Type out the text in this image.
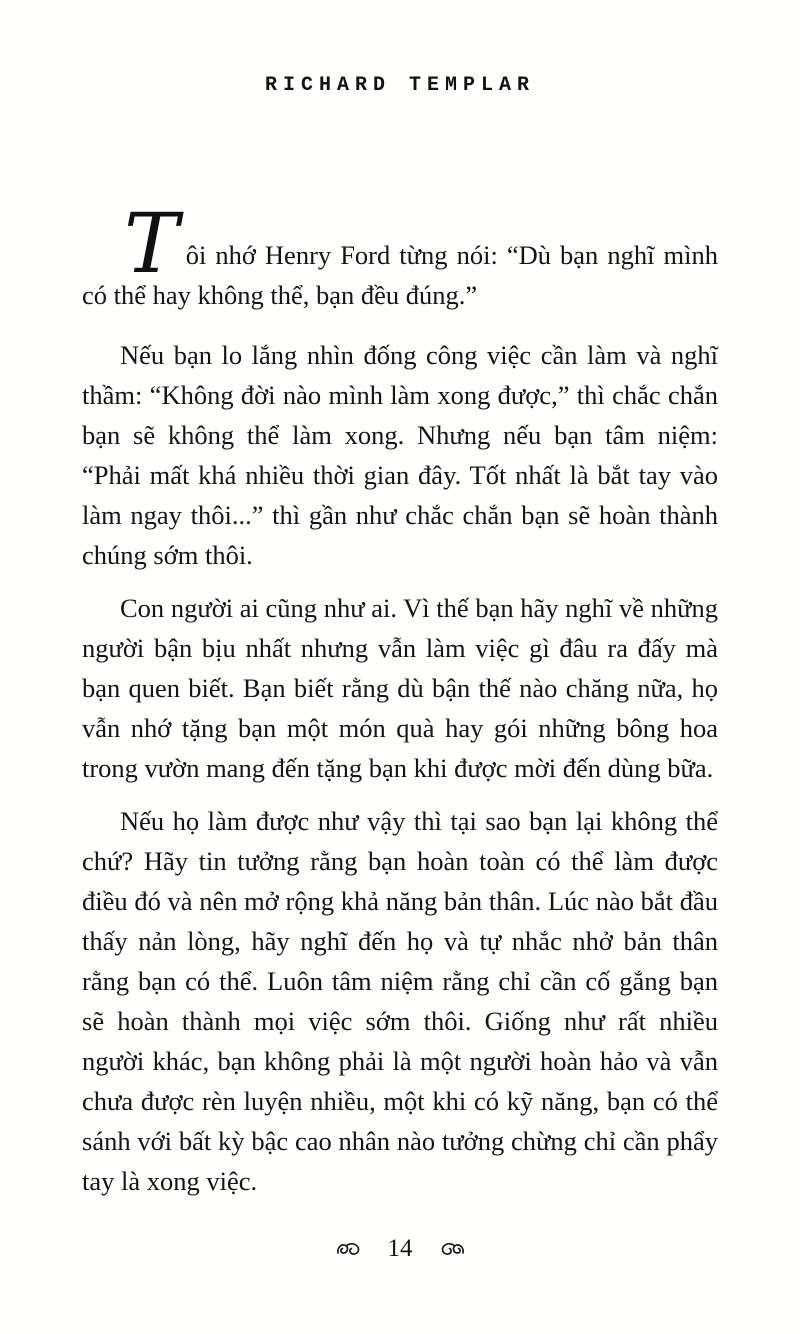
RICHARD TEMPLAR

Tôi nhớ Henry Ford từng nói: “Dù bạn nghĩ mình có thể hay không thể, bạn đều đúng.”

Nếu bạn lo lắng nhìn đống công việc cần làm và nghĩ thầm: “Không đời nào mình làm xong được,” thì chắc chắn bạn sẽ không thể làm xong. Nhưng nếu bạn tâm niệm: “Phải mất khá nhiều thời gian đây. Tốt nhất là bắt tay vào làm ngay thôi...” thì gần như chắc chắn bạn sẽ hoàn thành chúng sớm thôi.

Con người ai cũng như ai. Vì thế bạn hãy nghĩ về những người bận bịu nhất nhưng vẫn làm việc gì đâu ra đấy mà bạn quen biết. Bạn biết rằng dù bận thế nào chăng nữa, họ vẫn nhớ tặng bạn một món quà hay gói những bông hoa trong vườn mang đến tặng bạn khi được mời đến dùng bữa.

Nếu họ làm được như vậy thì tại sao bạn lại không thể chứ? Hãy tin tưởng rằng bạn hoàn toàn có thể làm được điều đó và nên mở rộng khả năng bản thân. Lúc nào bắt đầu thấy nản lòng, hãy nghĩ đến họ và tự nhắc nhở bản thân rằng bạn có thể. Luôn tâm niệm rằng chỉ cần cố gắng bạn sẽ hoàn thành mọi việc sớm thôi. Giống như rất nhiều người khác, bạn không phải là một người hoàn hảo và vẫn chưa được rèn luyện nhiều, một khi có kỹ năng, bạn có thể sánh với bất kỳ bậc cao nhân nào tưởng chừng chỉ cần phẩy tay là xong việc.

14
